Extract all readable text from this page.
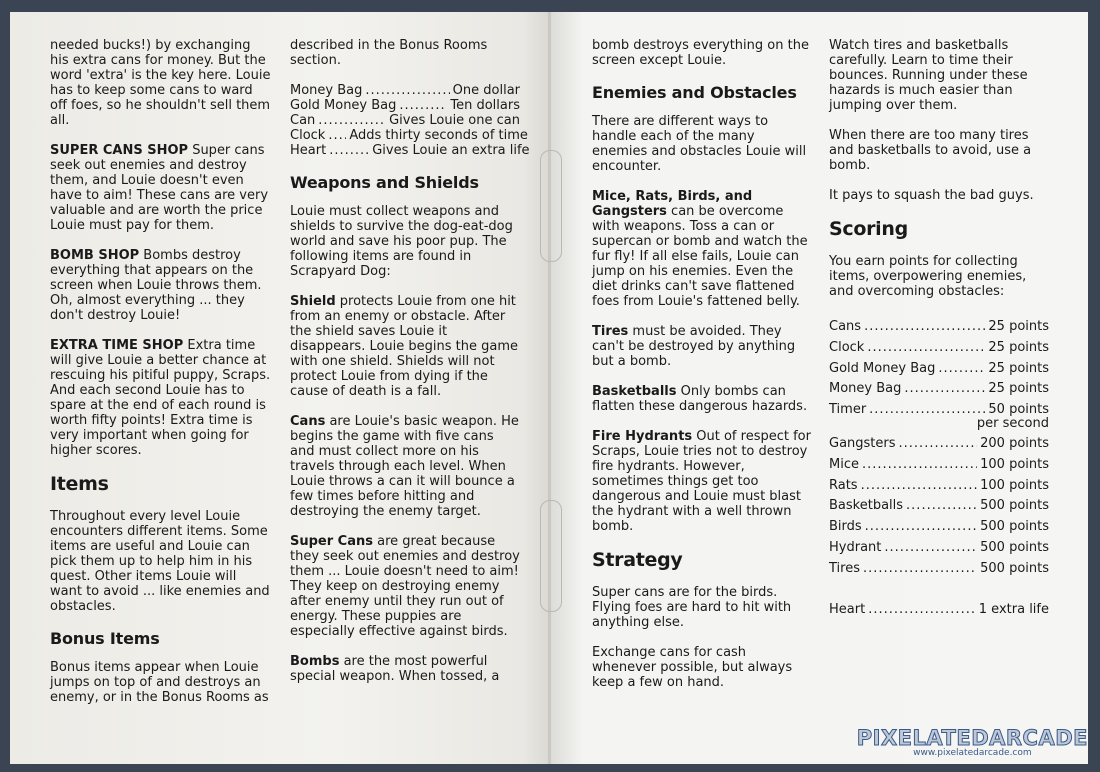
needed bucks!) by exchanging his extra cans for money. But the word 'extra' is the key here. Louie has to keep some cans to ward off foes, so he shouldn't sell them all.

SUPER CANS SHOP Super cans seek out enemies and destroy them, and Louie doesn't even have to aim! These cans are very valuable and are worth the price Louie must pay for them.

BOMB SHOP Bombs destroy everything that appears on the screen when Louie throws them. Oh, almost everything ... they don't destroy Louie!

EXTRA TIME SHOP Extra time will give Louie a better chance at rescuing his pitiful puppy, Scraps. And each second Louie has to spare at the end of each round is worth fifty points! Extra time is very important when going for higher scores.

Items

Throughout every level Louie encounters different items. Some items are useful and Louie can pick them up to help him in his quest. Other items Louie will want to avoid ... like enemies and obstacles.

Bonus Items

Bonus items appear when Louie jumps on top of and destroys an enemy, or in the Bonus Rooms as

described in the Bonus Rooms section.

Money Bag .....	One dollar
Gold Money Bag .....	Ten dollars
Can .....	Gives Louie one can
Clock ..... Adds thirty seconds of time
Heart .....	Gives Louie an extra life
Weapons and Shields

Louie must collect weapons and shields to survive the dog-eat-dog world and save his poor pup. The following items are found in Scrapyard Dog:

Shield protects Louie from one hit from an enemy or obstacle. After the shield saves Louie it disappears. Louie begins the game with one shield. Shields will not protect Louie from dying if the cause of death is a fall.

Cans are Louie's basic weapon. He begins the game with five cans and must collect more on his travels through each level. When Louie throws a can it will bounce a few times before hitting and destroying the enemy target.

Super Cans are great because they seek out enemies and destroy them ... Louie doesn't need to aim! They keep on destroying enemy after enemy until they run out of energy. These puppies are especially effective against birds.

Bombs are the most powerful special weapon. When tossed, a

bomb destroys everything on the screen except Louie.

Enemies and Obstacles

There are different ways to handle each of the many enemies and obstacles Louie will encounter.

Mice, Rats, Birds, and Gangsters can be overcome with weapons. Toss a can or supercan or bomb and watch the fur fly! If all else fails, Louie can jump on his enemies. Even the diet drinks can't save flattened foes from Louie's fattened belly.

Tires must be avoided. They can't be destroyed by anything but a bomb.

Basketballs Only bombs can flatten these dangerous hazards.

Fire Hydrants Out of respect for Scraps, Louie tries not to destroy fire hydrants. However, sometimes things get too dangerous and Louie must blast the hydrant with a well thrown bomb.

Strategy

Super cans are for the birds. Flying foes are hard to hit with anything else.

Exchange cans for cash whenever possible, but always keep a few on hand.

Watch tires and basketballs carefully. Learn to time their bounces. Running under these hazards is much easier than jumping over them.

When there are too many tires and basketballs to avoid, use a bomb.

It pays to squash the bad guys.

Scoring

You earn points for collecting items, overpowering enemies, and overcoming obstacles:

Cans .....	25 points
Clock .....	25 points
Gold Money Bag .....	25 points
Money Bag .....	25 points
Timer .....	50 points
per second
Gangsters .....	200 points
Mice .....	100 points
Rats .....	100 points
Basketballs .....	500 points
Birds .....	500 points
Hydrant .....	500 points
Tires .....	500 points
Heart .....	1 extra life
PIXELATEDARCADE
www.pixelatedarcade.com
